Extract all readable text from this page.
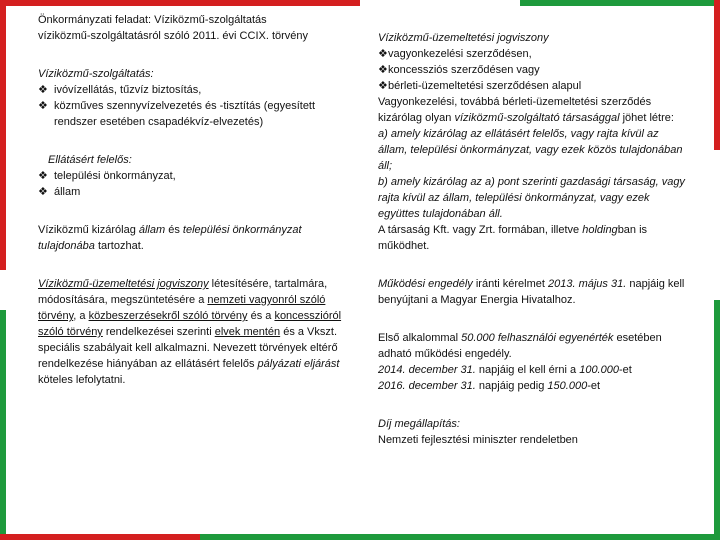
Önkormányzati feladat: Víziközmű-szolgáltatás

víziközmű-szolgáltatásról szóló 2011. évi CCIX. törvény

Víziközmű-szolgáltatás:

❖ ivóvízellátás, tűzvíz biztosítás,
❖ közműves szennyvízelvezetés és -tisztítás (egyesített rendszer esetében csapadékvíz-elvezetés)

Ellátásért felelős:

❖ települési önkormányzat,
❖ állam

Víziközmű kizárólag állam és települési önkormányzat tulajdonába tartozhat.

Víziközmű-üzemeltetési jogviszony létesítésére, tartalmára, módosítására, megszüntetésére a nemzeti vagyonról szóló törvény, a közbeszerzésekről szóló törvény és a koncesszióról szóló törvény rendelkezései szerinti elvek mentén és a Vkszt. speciális szabályait kell alkalmazni. Nevezett törvények eltérő rendelkezése hiányában az ellátásért felelős pályázati eljárást köteles lefolytatni.

Víziközmű-üzemeltetési jogviszony

❖ vagyonkezelési szerződésen,
❖ koncessziós szerződésen vagy
❖ bérleti-üzemeltetési szerződésen alapul

Vagyonkezelési, továbbá bérleti-üzemeltetési szerződés kizárólag olyan víziközmű-szolgáltató társasággal jöhet létre:

a) amely kizárólag az ellátásért felelős, vagy rajta kívül az állam, települési önkormányzat, vagy ezek közös tulajdonában áll;

b) amely kizárólag az a) pont szerinti gazdasági társaság, vagy rajta kívül az állam, települési önkormányzat, vagy ezek együttes tulajdonában áll.

A társaság Kft. vagy Zrt. formában, illetve holdingban is működhet.

Működési engedély iránti kérelmet 2013. május 31. napjáig kell benyújtani a Magyar Energia Hivatalhoz.

Első alkalommal 50.000 felhasználói egyenérték esetében adható működési engedély.

2014. december 31. napjáig el kell érni a 100.000-et

2016. december 31. napjáig pedig 150.000-et

Díj megállapítás:

Nemzeti fejlesztési miniszter rendeletben
